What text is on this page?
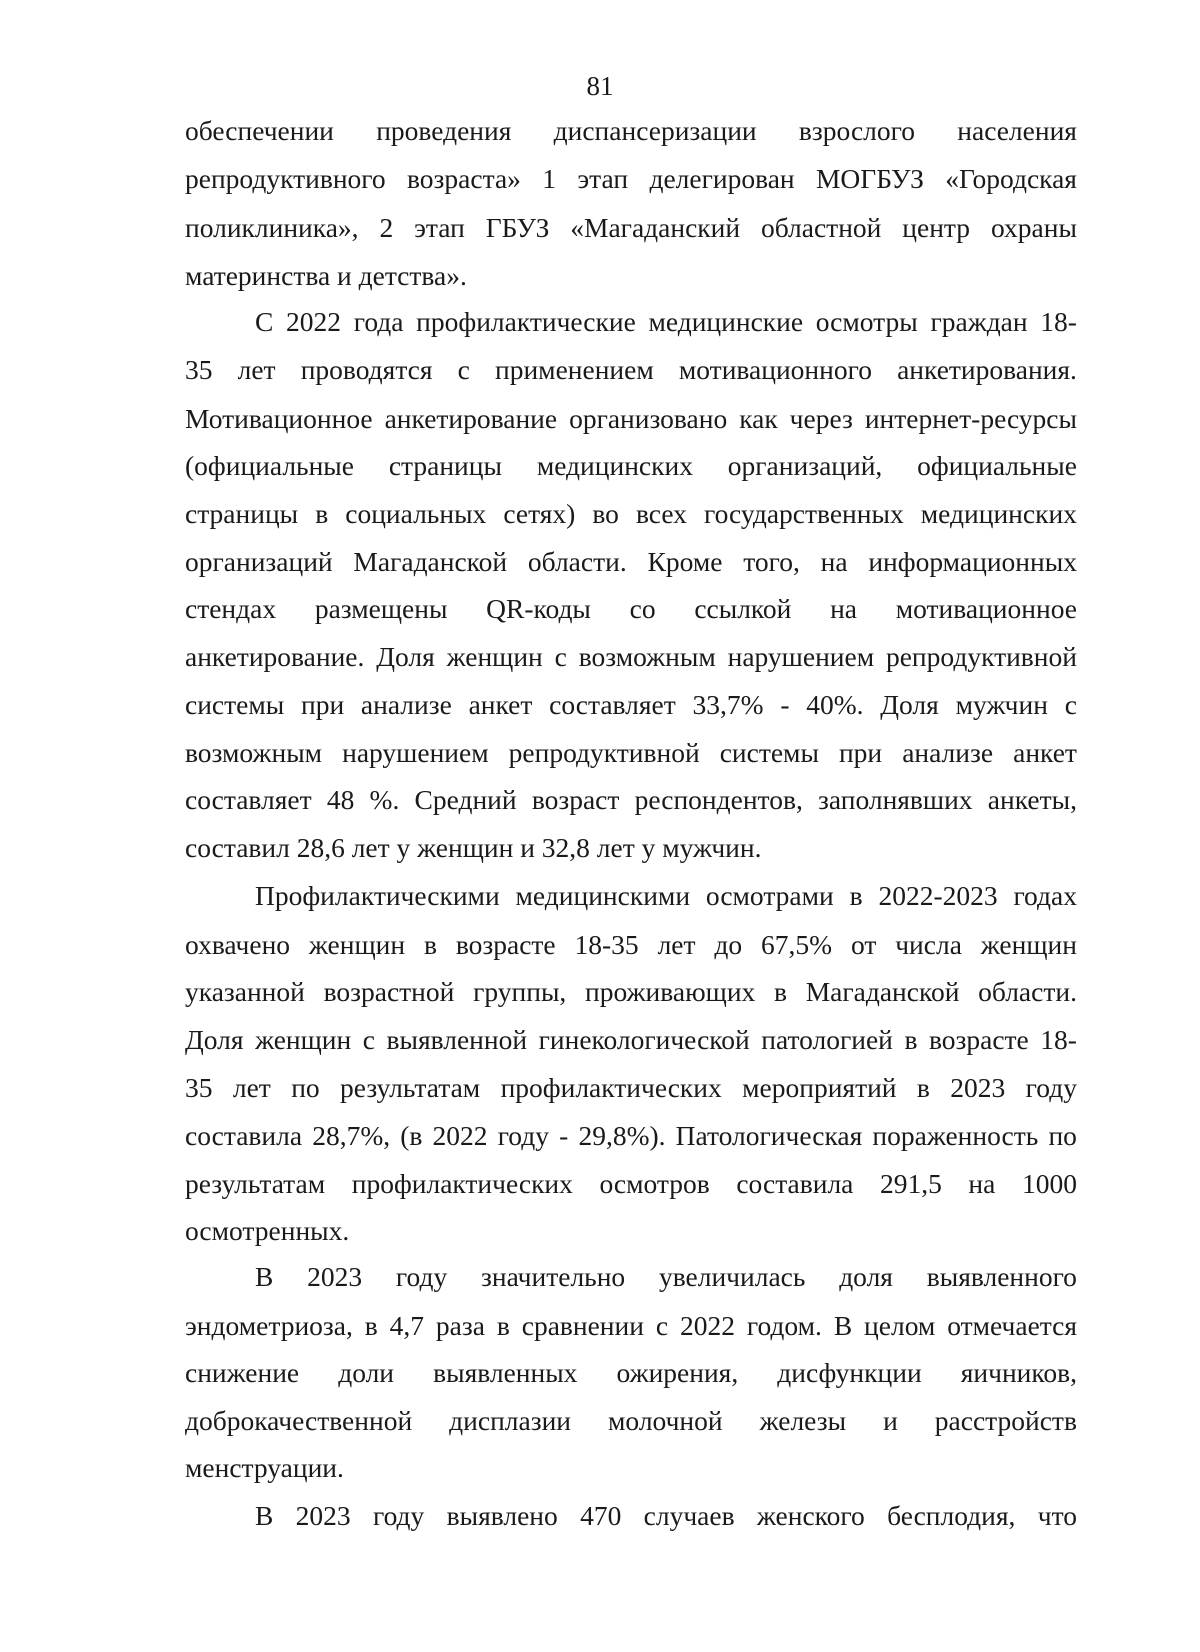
81
обеспечении проведения диспансеризации взрослого населения
репродуктивного возраста» 1 этап делегирован МОГБУЗ «Городская
поликлиника», 2 этап ГБУЗ «Магаданский областной центр охраны
материнства и детства».
С 2022 года профилактические медицинские осмотры граждан 18-
35 лет проводятся с применением мотивационного анкетирования.
Мотивационное анкетирование организовано как через интернет-ресурсы
(официальные страницы медицинских организаций, официальные
страницы в социальных сетях) во всех государственных медицинских
организаций Магаданской области. Кроме того, на информационных
стендах размещены QR-коды со ссылкой на мотивационное
анкетирование. Доля женщин с возможным нарушением репродуктивной
системы при анализе анкет составляет 33,7% - 40%. Доля мужчин с
возможным нарушением репродуктивной системы при анализе анкет
составляет 48 %. Средний возраст респондентов, заполнявших анкеты,
составил 28,6 лет у женщин и 32,8 лет у мужчин.
Профилактическими медицинскими осмотрами в 2022-2023 годах
охвачено женщин в возрасте 18-35 лет до 67,5% от числа женщин
указанной возрастной группы, проживающих в Магаданской области.
Доля женщин с выявленной гинекологической патологией в возрасте 18-
35 лет по результатам профилактических мероприятий в 2023 году
составила 28,7%, (в 2022 году - 29,8%). Патологическая пораженность по
результатам профилактических осмотров составила 291,5 на 1000
осмотренных.
В 2023 году значительно увеличилась доля выявленного
эндометриоза, в 4,7 раза в сравнении с 2022 годом. В целом отмечается
снижение доли выявленных ожирения, дисфункции яичников,
доброкачественной дисплазии молочной железы и расстройств
менструации.
В 2023 году выявлено 470 случаев женского бесплодия, что
